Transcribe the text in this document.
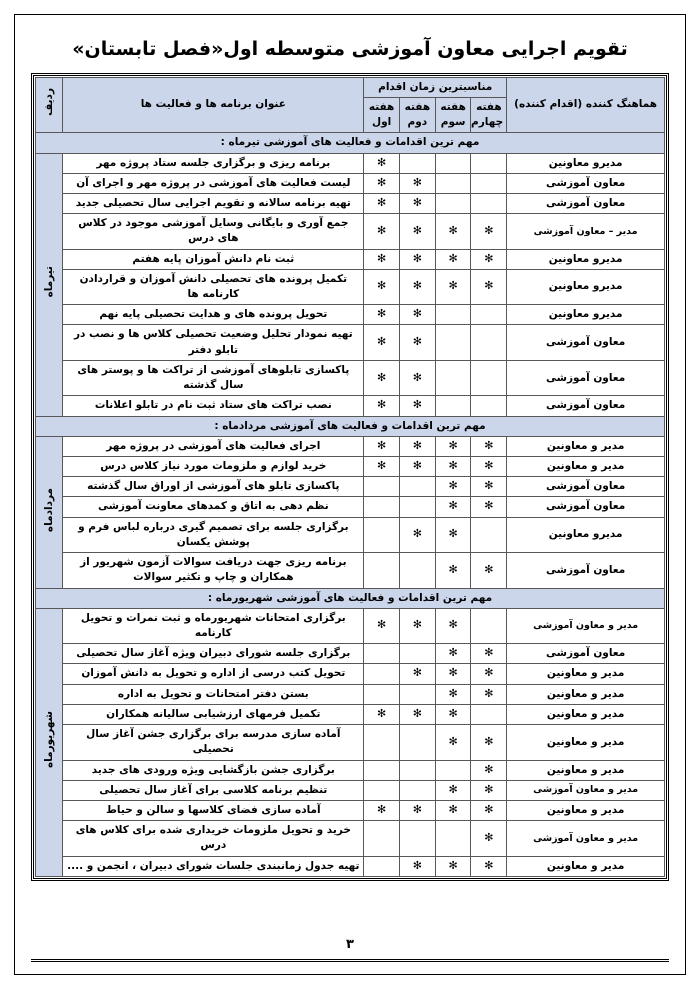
تقویم اجرایی معاون آموزشی متوسطه اول«فصل تابستان»
هماهنگ کننده (اقدام کننده)	مناسبترین زمان اقدام				عنوان برنامه ها و فعالیت ها	ردیف
	هفته چهارم	هفته سوم	هفته دوم	هفته اول		
مهم ترین اقدامات و فعالیت های آموزشی تیرماه :						
مدیرو معاونین				✻	برنامه ریزی و برگزاری جلسه ستاد پروژه مهر	تیرماه
معاون آموزشی			✻	✻	لیست فعالیت های آموزشی در پروژه مهر و اجرای آن	
معاون آموزشی			✻	✻	تهیه برنامه سالانه و تقویم اجرایی سال تحصیلی جدید	
مدیر – معاون آموزشی	✻	✻	✻	✻	جمع آوری و بایگانی وسایل آموزشی موجود در کلاس های درس	
مدیرو معاونین	✻	✻	✻	✻	ثبت نام دانش آموزان پایه هفتم	
مدیرو معاونین	✻	✻	✻	✻	تکمیل پرونده های تحصیلی دانش آموزان و قراردادن کارنامه ها	
مدیرو معاونین			✻	✻	تحویل پرونده های و هدایت تحصیلی پایه نهم	
معاون آموزشی			✻	✻	تهیه نمودار تحلیل وضعیت تحصیلی کلاس ها و نصب در تابلو دفتر	
معاون آموزشی			✻	✻	پاکسازی تابلوهای آموزشی از تراکت ها و پوستر های سال گذشته	
معاون آموزشی			✻	✻	نصب تراکت های ستاد ثبت نام در تابلو اعلانات	
مهم ترین اقدامات و فعالیت های آموزشی مردادماه :						
مدیر و معاونین	✻	✻	✻	✻	اجرای فعالیت های آموزشی در پروژه مهر	مردادماه
مدیر و معاونین	✻	✻	✻	✻	خرید لوازم و ملزومات مورد نیاز کلاس درس	
معاون آموزشی	✻	✻			پاکسازی تابلو های آموزشی از اوراق سال گذشته	
معاون آموزشی	✻	✻			نظم دهی به اتاق و کمدهای معاونت آموزشی	
مدیرو معاونین		✻	✻		برگزاری جلسه برای تصمیم گیری درباره لباس فرم و پوشش یکسان	
معاون آموزشی	✻	✻			برنامه ریزی جهت دریافت سوالات آزمون شهریور از همکاران و چاپ و تکثیر سوالات	
مهم ترین اقدامات و فعالیت های آموزشی شهریورماه :						
مدیر و معاون آموزشی		✻	✻	✻	برگزاری امتحانات شهریورماه و ثبت نمرات و تحویل کارنامه	شهریورماه
معاون آموزشی	✻	✻			برگزاری جلسه شورای دبیران ویژه آغاز سال تحصیلی	
مدیر و معاونین	✻	✻	✻		تحویل کتب درسی از اداره و تحویل به دانش آموزان	
مدیر و معاونین	✻	✻			بستن دفتر امتحانات و تحویل به اداره	
مدیر و معاونین		✻	✻	✻	تکمیل فرمهای ارزشیابی سالیانه همکاران	
مدیر و معاونین	✻	✻			آماده سازی مدرسه برای برگزاری جشن آغاز سال تحصیلی	
مدیر و معاونین	✻				برگزاری جشن بازگشایی ویژه ورودی های جدید	
مدیر و معاون آموزشی	✻	✻			تنظیم برنامه کلاسی برای آغاز سال تحصیلی	
مدیر و معاونین	✻	✻	✻	✻	آماده سازی فضای کلاسها و سالن و حیاط	
مدیر و معاون آموزشی	✻				خرید و تحویل ملزومات خریداری شده برای کلاس های درس	
مدیر و معاونین	✻	✻	✻		تهیه جدول زمانبندی جلسات شورای دبیران ، انجمن و ....	
۳
